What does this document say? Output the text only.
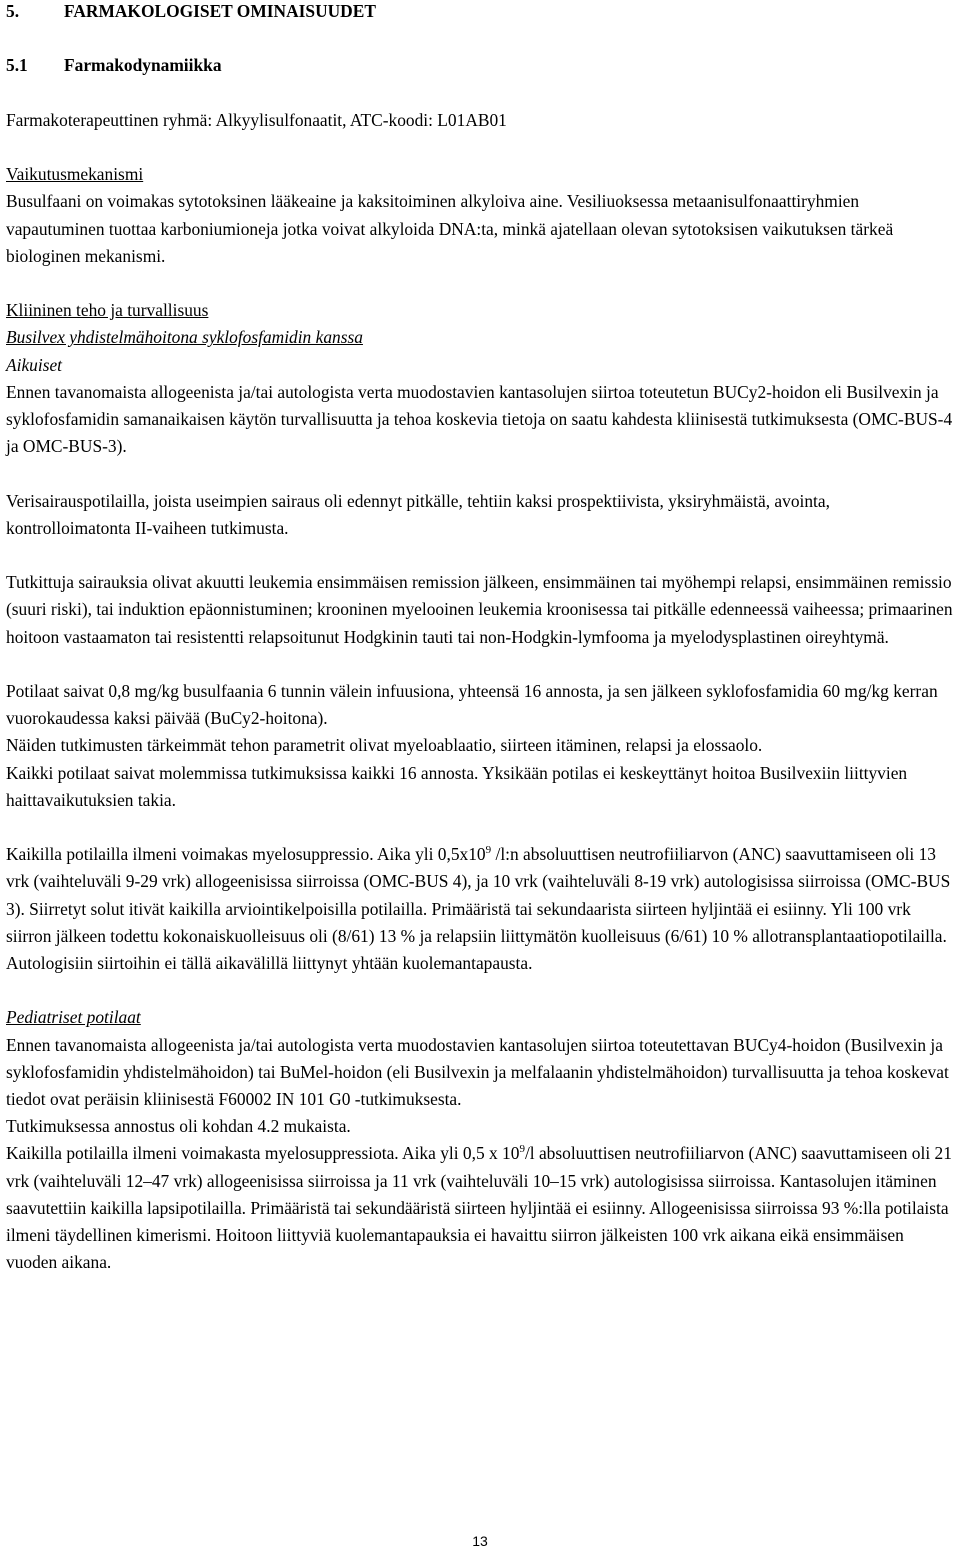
5.	FARMAKOLOGISET OMINAISUUDET
5.1 Farmakodynamiikka

Farmakoterapeuttinen ryhmä: Alkyylisulfonaatit, ATC-koodi: L01AB01

Vaikutusmekanismi

Busulfaani on voimakas sytotoksinen lääkeaine ja kaksitoiminen alkyloiva aine. Vesiliuoksessa metaanisulfonaattiryhmien vapautuminen tuottaa karboniumioneja jotka voivat alkyloida DNA:ta, minkä ajatellaan olevan sytotoksisen vaikutuksen tärkeä biologinen mekanismi.

Kliininen teho ja turvallisuus

Busilvex yhdistelmähoitona syklofosfamidin kanssa

Aikuiset

Ennen tavanomaista allogeenista ja/tai autologista verta muodostavien kantasolujen siirtoa toteutetun BUCy2-hoidon eli Busilvexin ja syklofosfamidin samanaikaisen käytön turvallisuutta ja tehoa koskevia tietoja on saatu kahdesta kliinisestä tutkimuksesta (OMC-BUS-4 ja OMC-BUS-3).

Verisairauspotilailla, joista useimpien sairaus oli edennyt pitkälle, tehtiin kaksi prospektiivista, yksiryhmäistä, avointa, kontrolloimatonta II-vaiheen tutkimusta.

Tutkittuja sairauksia olivat akuutti leukemia ensimmäisen remission jälkeen, ensimmäinen tai myöhempi relapsi, ensimmäinen remissio (suuri riski), tai induktion epäonnistuminen; krooninen myelooinen leukemia kroonisessa tai pitkälle edenneessä vaiheessa; primaarinen hoitoon vastaamaton tai resistentti relapsoitunut Hodgkinin tauti tai non-Hodgkin-lymfooma ja myelodysplastinen oireyhtymä.

Potilaat saivat 0,8 mg/kg busulfaania 6 tunnin välein infuusiona, yhteensä 16 annosta, ja sen jälkeen syklofosfamidia 60 mg/kg kerran vuorokaudessa kaksi päivää (BuCy2-hoitona).

Näiden tutkimusten tärkeimmät tehon parametrit olivat myeloablaatio, siirteen itäminen, relapsi ja elossaolo.

Kaikki potilaat saivat molemmissa tutkimuksissa kaikki 16 annosta. Yksikään potilas ei keskeyttänyt hoitoa Busilvexiin liittyvien haittavaikutuksien takia.

Kaikilla potilailla ilmeni voimakas myelosuppressio. Aika yli $0,5x10^9$ /l:n absoluuttisen neutrofiiliarvon (ANC) saavuttamiseen oli 13 vrk (vaihteluväli 9-29 vrk) allogeenisissa siirroissa (OMC-BUS 4), ja 10 vrk (vaihteluväli 8-19 vrk) autologisissa siirroissa (OMC-BUS 3). Siirretyt solut itivät kaikilla arviointikelpoisilla potilailla. Primääristä tai sekundaarista siirteen hyljintää ei esiinny. Yli 100 vrk siirron jälkeen todettu kokonaiskuolleisuus oli (8/61) 13 % ja relapsiin liittymätön kuolleisuus (6/61) 10 % allotransplantaatiopotilailla. Autologisiin siirtoihin ei tällä aikavälillä liittynyt yhtään kuolemantapausta.

Pediatriset potilaat

Ennen tavanomaista allogeenista ja/tai autologista verta muodostavien kantasolujen siirtoa toteutettavan BUCy4-hoidon (Busilvexin ja syklofosfamidin yhdistelmähoidon) tai BuMel-hoidon (eli Busilvexin ja melfalaanin yhdistelmähoidon) turvallisuutta ja tehoa koskevat tiedot ovat peräisin kliinisestä F60002 IN 101 G0 -tutkimuksesta.

Tutkimuksessa annostus oli kohdan 4.2 mukaista.

Kaikilla potilailla ilmeni voimakasta myelosuppressiota. Aika yli 0,5 x $10^9/l$ absoluuttisen neutrofiiliarvon (ANC) saavuttamiseen oli 21 vrk (vaihteluväli 12–47 vrk) allogeenisissa siirroissa ja 11 vrk (vaihteluväli 10–15 vrk) autologisissa siirroissa. Kantasolujen itäminen saavutettiin kaikilla lapsipotilailla. Primääristä tai sekundääristä siirteen hyljintää ei esiinny. Allogeenisissa siirroissa 93 %:lla potilaista ilmeni täydellinen kimerismi. Hoitoon liittyviä kuolemantapauksia ei havaittu siirron jälkeisten 100 vrk aikana eikä ensimmäisen vuoden aikana.

13
